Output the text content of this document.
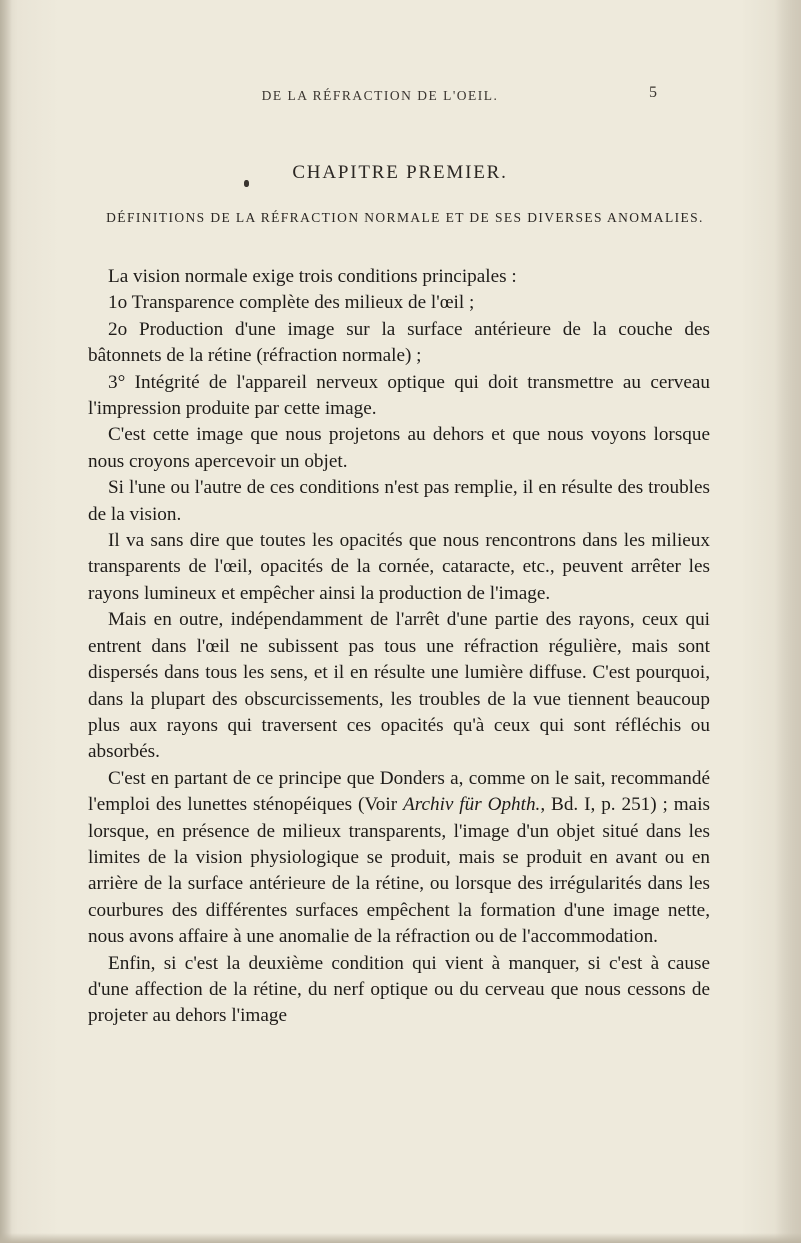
DE LA RÉFRACTION DE L'OEIL.	5
CHAPITRE PREMIER.
DÉFINITIONS DE LA RÉFRACTION NORMALE ET DE SES DIVERSES ANOMALIES.

La vision normale exige trois conditions principales :

1o Transparence complète des milieux de l'œil ;

2o Production d'une image sur la surface antérieure de la couche des bâtonnets de la rétine (réfraction normale) ;

3° Intégrité de l'appareil nerveux optique qui doit transmettre au cerveau l'impression produite par cette image.

C'est cette image que nous projetons au dehors et que nous voyons lorsque nous croyons apercevoir un objet.

Si l'une ou l'autre de ces conditions n'est pas remplie, il en résulte des troubles de la vision.

Il va sans dire que toutes les opacités que nous rencontrons dans les milieux transparents de l'œil, opacités de la cornée, cataracte, etc., peuvent arrêter les rayons lumineux et empêcher ainsi la production de l'image.

Mais en outre, indépendamment de l'arrêt d'une partie des rayons, ceux qui entrent dans l'œil ne subissent pas tous une réfraction régulière, mais sont dispersés dans tous les sens, et il en résulte une lumière diffuse. C'est pourquoi, dans la plupart des obscurcissements, les troubles de la vue tiennent beaucoup plus aux rayons qui traversent ces opacités qu'à ceux qui sont réfléchis ou absorbés.

C'est en partant de ce principe que Donders a, comme on le sait, recommandé l'emploi des lunettes sténopéiques (Voir Archiv für Ophth., Bd. I, p. 251) ; mais lorsque, en présence de milieux transparents, l'image d'un objet situé dans les limites de la vision physiologique se produit, mais se produit en avant ou en arrière de la surface antérieure de la rétine, ou lorsque des irrégularités dans les courbures des différentes surfaces empêchent la formation d'une image nette, nous avons affaire à une anomalie de la réfraction ou de l'accommodation.

Enfin, si c'est la deuxième condition qui vient à manquer, si c'est à cause d'une affection de la rétine, du nerf optique ou du cerveau que nous cessons de projeter au dehors l'image
